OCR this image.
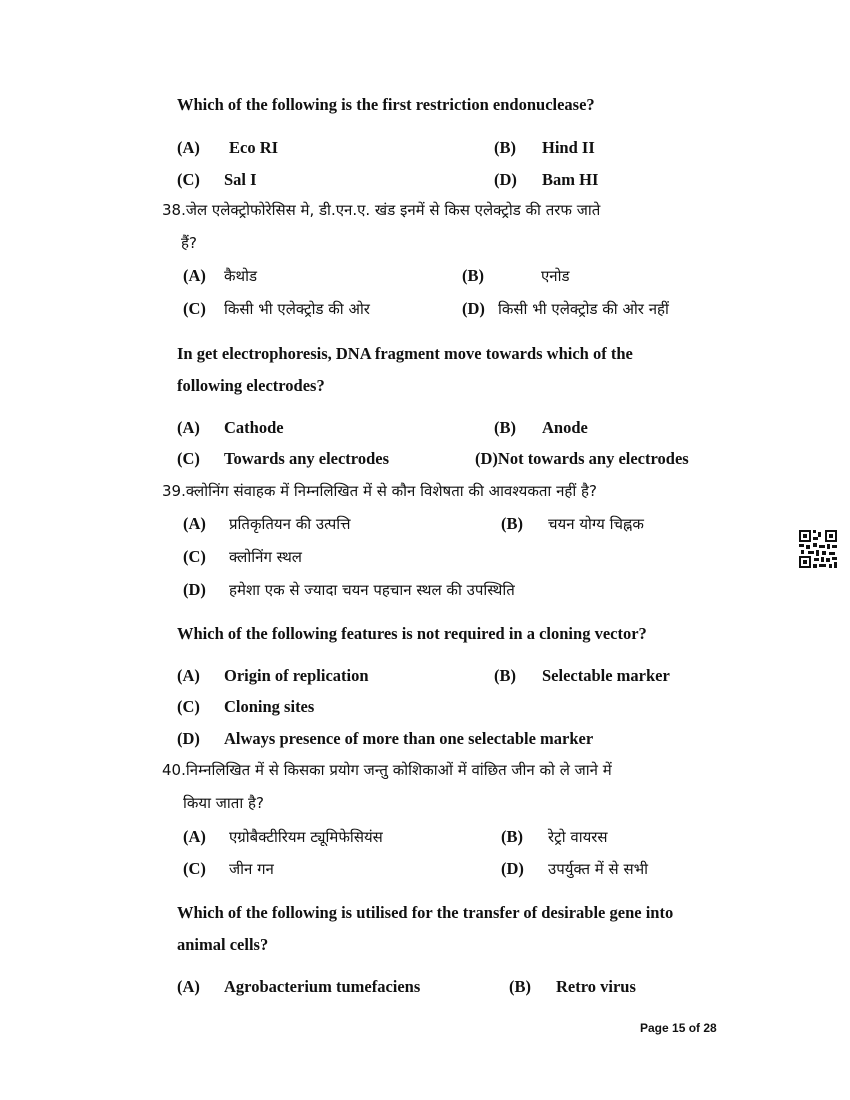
Which of the following is the first restriction endonuclease?
(A) Eco RI	(B) Hind II
(C) Sal I	(D) Bam HI
38.जेल एलेक्ट्रोफोरेसिस मे, डी.एन.ए. खंड इनमें से किस एलेक्ट्रोड की तरफ जाते
हैं?
(A) कैथोड	(B)	एनोड
(C) किसी भी एलेक्ट्रोड की ओर	(D) किसी भी एलेक्ट्रोड की ओर नहीं
In get electrophoresis, DNA fragment move towards which of the
following electrodes?
(A) Cathode	(B) Anode
(C) Towards any electrodes	(D)Not towards any electrodes
39.क्लोनिंग संवाहक में निम्नलिखित में से कौन विशेषता की आवश्यकता नहीं है?
(A) प्रतिकृतियन की उत्पत्ति	(B) चयन योग्य चिह्नक
(C) क्लोनिंग स्थल
(D) हमेशा एक से ज्यादा चयन पहचान स्थल की उपस्थिति
Which of the following features is not required in a cloning vector?
(A) Origin of replication	(B) Selectable marker
(C) Cloning sites
(D) Always presence of more than one selectable marker
40.निम्नलिखित में से किसका प्रयोग जन्तु कोशिकाओं में वांछित जीन को ले जाने में
किया जाता है?
(A) एग्रोबैक्टीरियम ट्यूमिफेसियंस	(B) रेट्रो वायरस
(C) जीन गन	(D) उपर्युक्त में से सभी
Which of the following is utilised for the transfer of desirable gene into
animal cells?
(A) Agrobacterium tumefaciens	(B) Retro virus
Page 15 of 28
